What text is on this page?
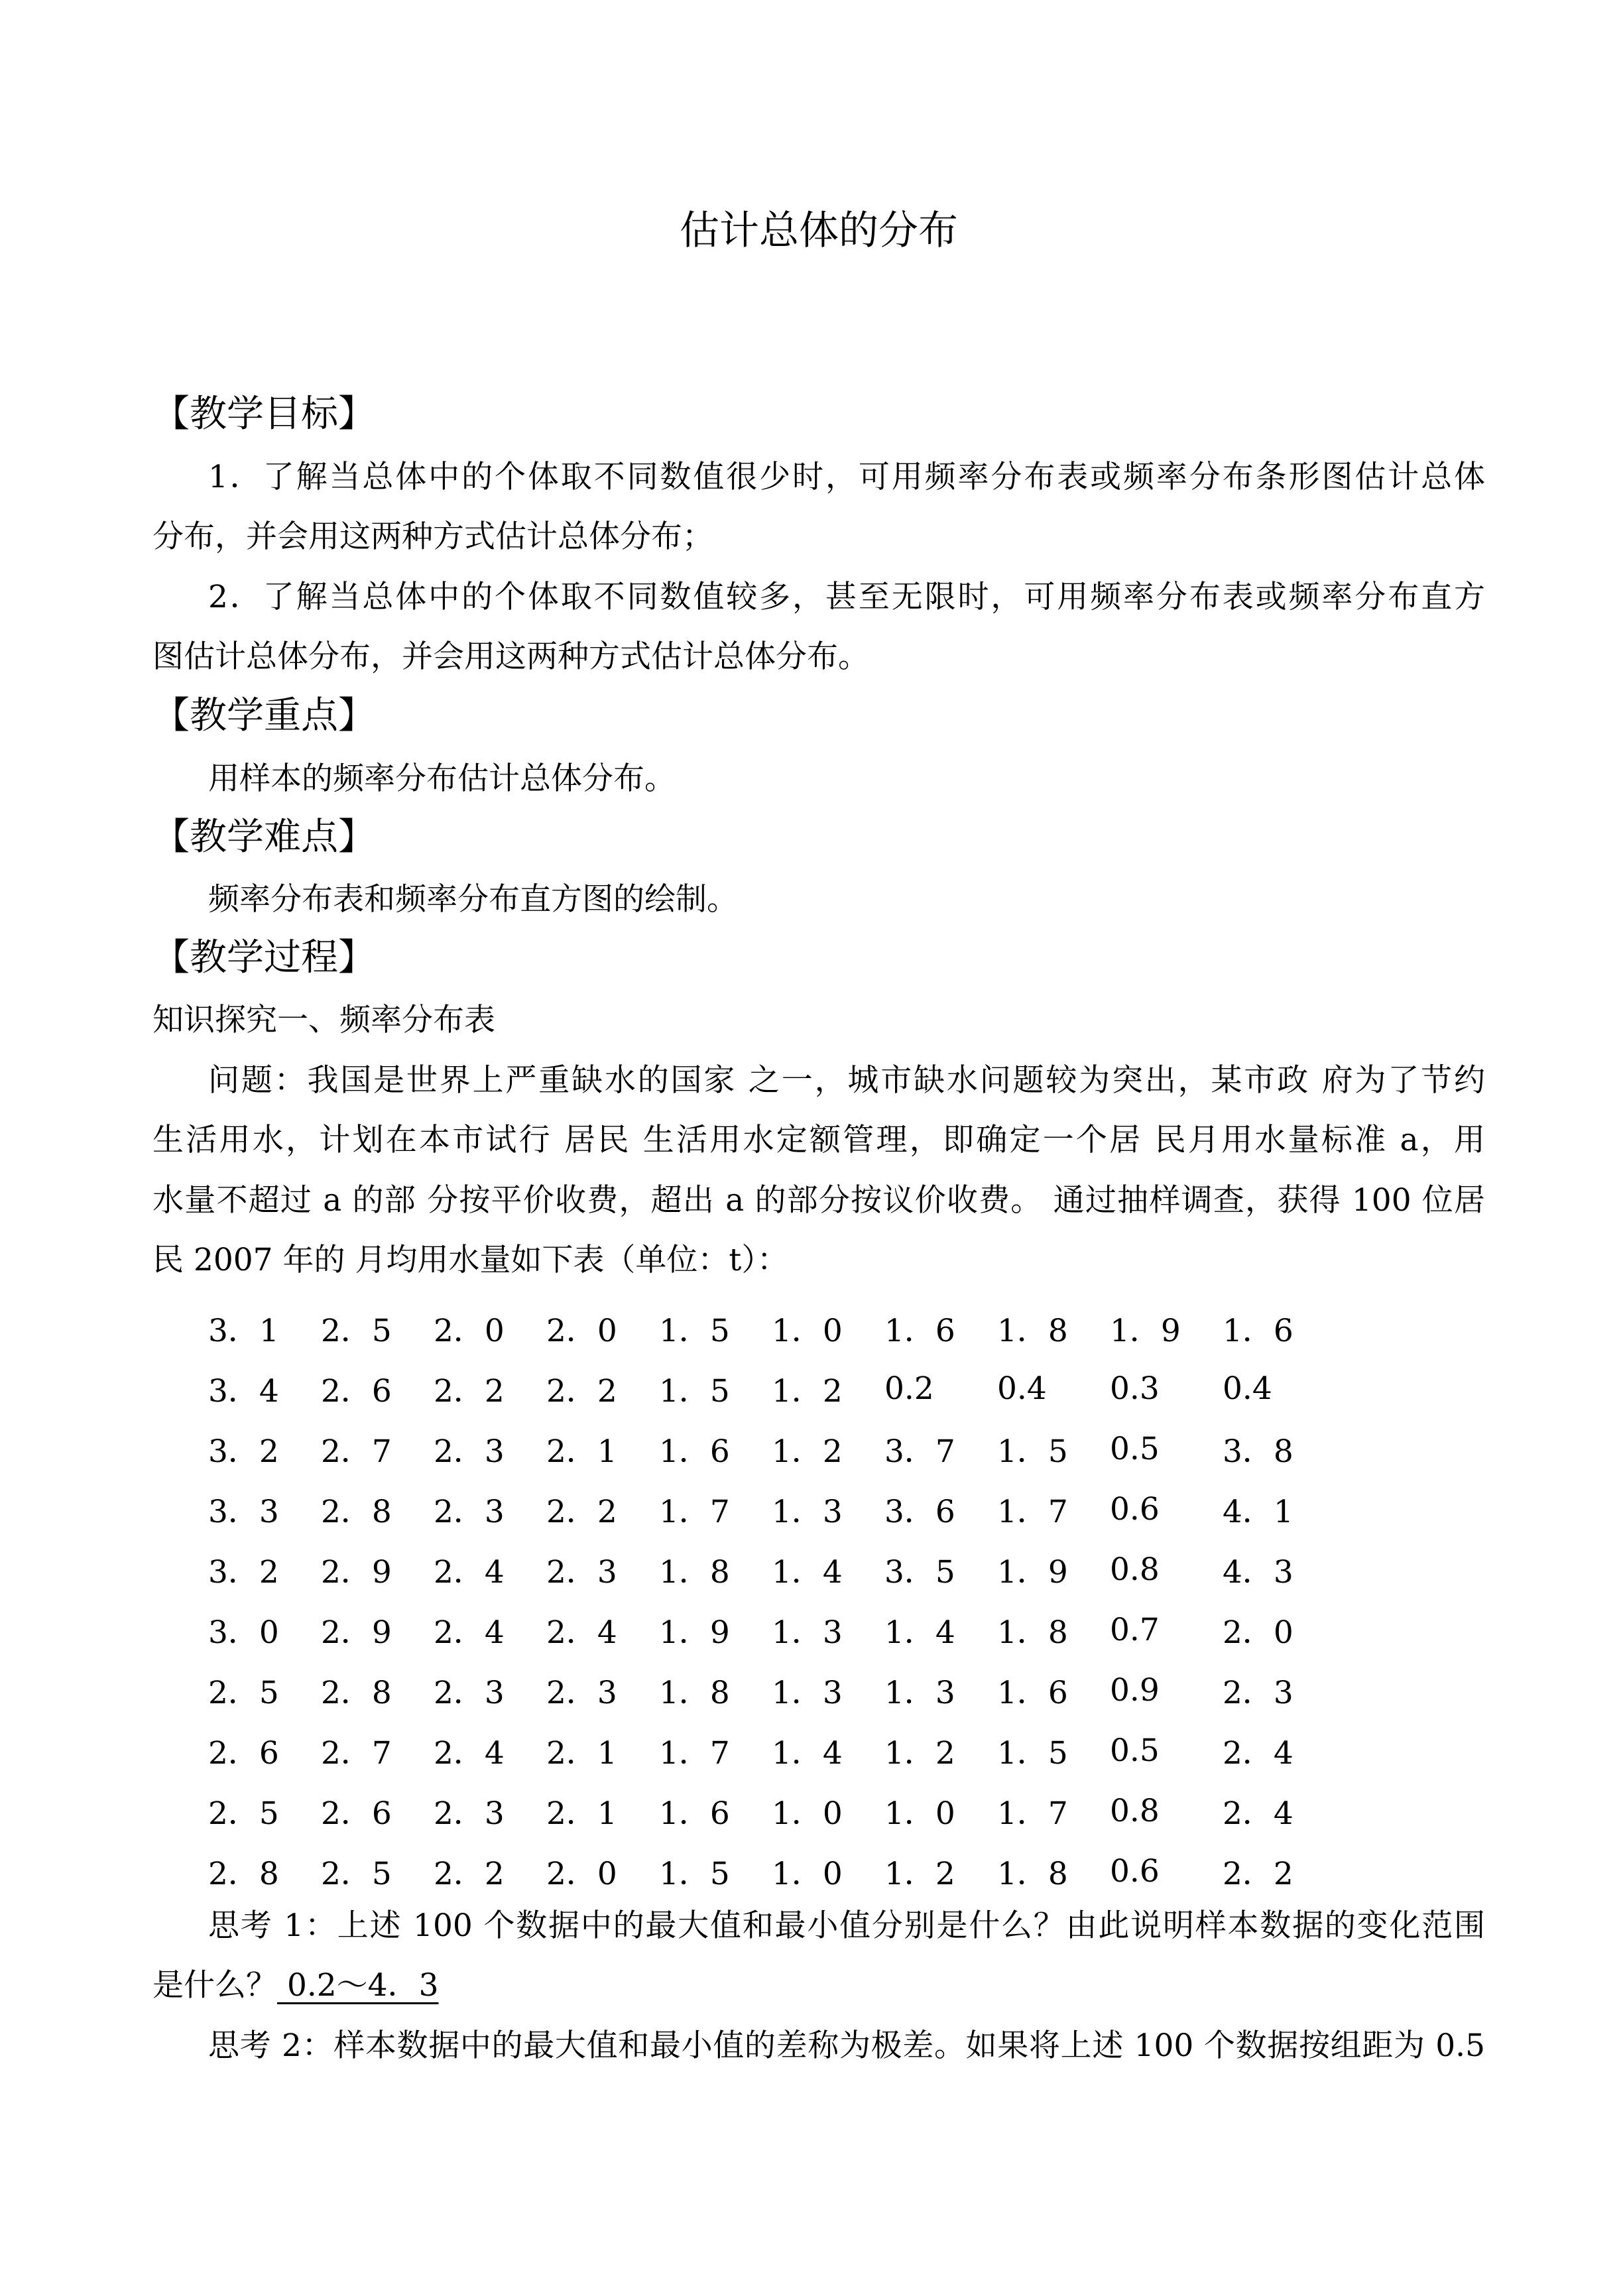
估计总体的分布
【教学目标】
1．了解当总体中的个体取不同数值很少时，可用频率分布表或频率分布条形图估计总体
分布，并会用这两种方式估计总体分布；
2．了解当总体中的个体取不同数值较多，甚至无限时，可用频率分布表或频率分布直方
图估计总体分布，并会用这两种方式估计总体分布。
【教学重点】
用样本的频率分布估计总体分布。
【教学难点】
频率分布表和频率分布直方图的绘制。
【教学过程】
知识探究一、频率分布表
问题：我国是世界上严重缺水的国家 之一，城市缺水问题较为突出，某市政 府为了节约
生活用水，计划在本市试行 居民 生活用水定额管理，即确定一个居 民月用水量标准 a，用
水量不超过 a 的部 分按平价收费，超出 a 的部分按议价收费。 通过抽样调查，获得 100 位居
民 2007 年的 月均用水量如下表（单位：t）：
3．1	2．5	2．0	2．0	1．5	1．0	1．6	1．8	1．9	1．6
3．4	2．6	2．2	2．2	1．5	1．2	0.2	0.4	0.3	0.4
3．2	2．7	2．3	2．1	1．6	1．2	3．7	1．5	0.5	3．8
3．3	2．8	2．3	2．2	1．7	1．3	3．6	1．7	0.6	4．1
3．2	2．9	2．4	2．3	1．8	1．4	3．5	1．9	0.8	4．3
3．0	2．9	2．4	2．4	1．9	1．3	1．4	1．8	0.7	2．0
2．5	2．8	2．3	2．3	1．8	1．3	1．3	1．6	0.9	2．3
2．6	2．7	2．4	2．1	1．7	1．4	1．2	1．5	0.5	2．4
2．5	2．6	2．3	2．1	1．6	1．0	1．0	1．7	0.8	2．4
2．8	2．5	2．2	2．0	1．5	1．0	1．2	1．8	0.6	2．2
思考 1：上述 100 个数据中的最大值和最小值分别是什么？由此说明样本数据的变化范围
是什么？ 0.2～4．3
思考 2：样本数据中的最大值和最小值的差称为极差。如果将上述 100 个数据按组距为 0.5
